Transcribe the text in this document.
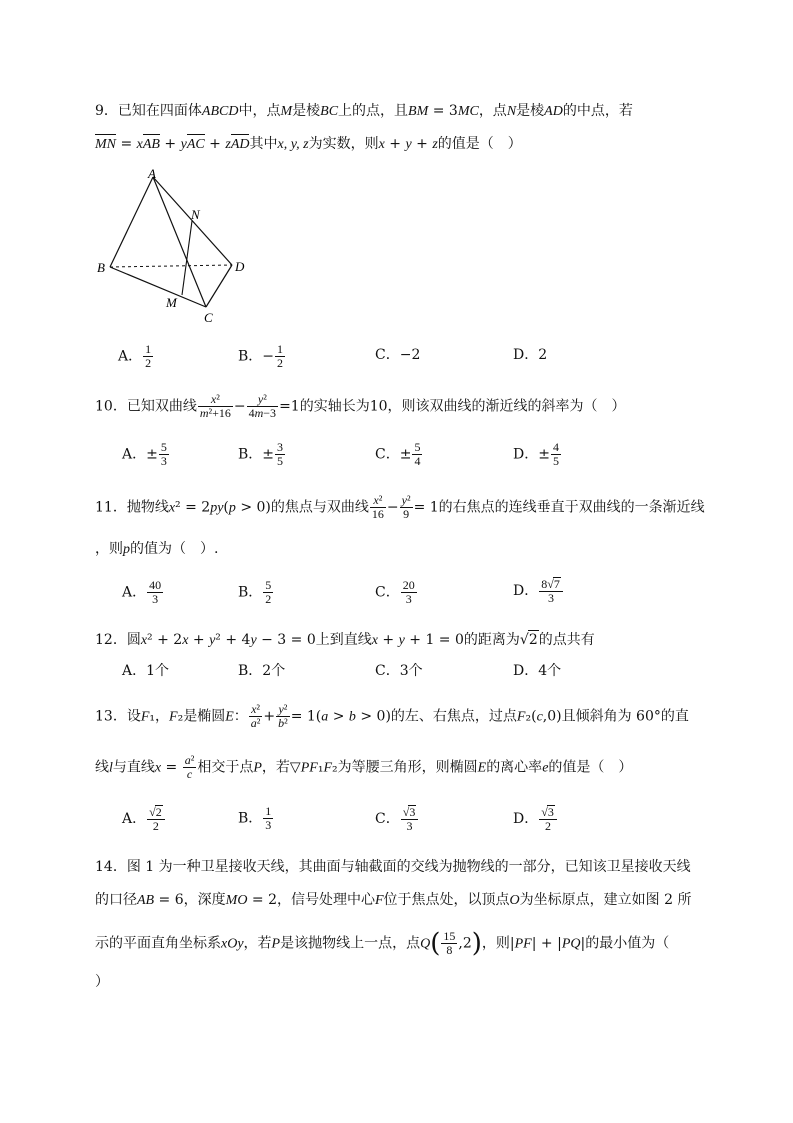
9．已知在四面体ABCD中，点M是棱BC上的点，且BM = 3MC，点N是棱AD的中点，若
MN = xAB + yAC + zAD其中x, y, z为实数，则x + y + z的值是（　）
A
N
B	D
M
C
A． $\frac{1}{2}$	B．− $\frac{1}{2}$	C．−2	D．2
10．已知双曲线 $\frac{\text{x²}}{\text{m²+16}} - \frac{\text{y²}}{4m-3} =1$的实轴长为10，则该双曲线的渐近线的斜率为（　）
A．± $\frac{5}{3}$	B．± $\frac{3}{5}$	C．± $\frac{5}{4}$	D．± $\frac{4}{5}$
11．抛物线x² = 2py(p > 0)的焦点与双曲线 $\frac{\text{x²}}{16} - \frac{\text{y²}}{9} = 1$的右焦点的连线垂直于双曲线的一条渐近线
，则p的值为（　）.
A． $\frac{40}{3}$	B． $\frac{5}{2}$	C． $\frac{20}{3}$	D． $\frac{8√7}{3}$
12．圆x² + 2x + y² + 4y − 3 = 0上到直线x + y + 1 = 0的距离为√2的点共有
A．1个	B．2个	C．3个	D．4个
13．设F₁，F₂是椭圆E： $\frac{\text{x²}}{\text{a²}} + \frac{\text{y²}}{\text{b²}} = 1(a > b > 0)$的左、右焦点，过点F₂(c,0)且倾斜角为 60°的直
线l与直线$x = \frac{\text{a²}}{c}$ 相交于点P，若▽PF₁F₂为等腰三角形，则椭圆E的离心率e的值是（　）
A． $\frac{√2}{2}$	B． $\frac{1}{3}$	C． $\frac{√3}{3}$	D． $\frac{√3}{2}$
14．图 1 为一种卫星接收天线，其曲面与轴截面的交线为抛物线的一部分，已知该卫星接收天线
的口径AB = 6，深度MO = 2，信号处理中心F位于焦点处，以顶点O为坐标原点，建立如图 2 所
示的平面直角坐标系xOy，若P是该抛物线上一点，点$Q( \frac{15}{8} ,2)$，则|PF| + |PQ|的最小值为（
）
